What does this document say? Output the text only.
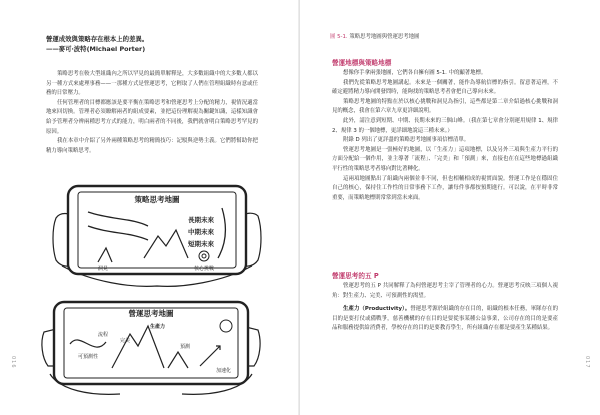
營運成效與策略存在根本上的差異。
——麥可‧波特(Michael Porter)

策略思考在較大型組織內之所以罕見的最簡單解釋是，大多數組織中的大多數人都以另一種方式來處理事務——一那種方式是營運思考，它輕取了人們在管理組織時有意或任務的日常壓力。

任何管理者的目標都應該是要平衡在策略思考和營運思考上分配的精力，視情況適當地來回切換。管理者必須瞭解兩者的組成要素，並把這份理解視為關鍵知識，這樣知識會給予管理者分辨兩種思考方式的能力，明白兩者的不同後，我們就會明白策略思考罕見的原因。

我在本章中介紹了另外兩種策略思考的精簡技巧：記駁與逆勢主義。它們將幫助你把精力導向策略思考。

策略思考地圖
長期未來
中期未來
短期未來
洞見	核心挑戰
營運思考地圖
生產力
流程
完美
預測
可預測性
加速化
016	017
圖 5-1. 策略思考地圖與營運思考地圖
營運地標與策略地標

想像你手拿兩張地圖，它們各自擁有圖 5-1. 中的顯著地標。

我們先從策略思考地圖講起。未來是一個關著，能作為導航信標的指引。留意著這裡，不確定避將精力導向開發問時，能夠找的策略思考者會把自己導向未來。

策略思考地圖的特點在於以核心挑戰和洞見為指引，這些都是第二章介紹過核心挑戰和洞見的概念，我會在第六章九章更詳細說明。

此外，請注意到短期、中期、長期未來的三個山峰。（我在第七章會分別運用規律 1、規律 2、規律 3 的一個地標，更詳細地說這三種未來。）

附錄 D 列出了更詳盡的策略思考地圖事項信標清單。

營運思考地圖是一張極好的地圖，以「生產力」這項地標，以及另外三項與生產力平行的方面分配給一個作用，並主導著「流程」、「完美」和「預測」來，直接也在在這些地標過組織平行性的策略思考者導向對比著轉化。

這兩項地圖點出了組織內兩個並非不同，但也相輔相成的視實面貌。營運工作是在穩固住自己的核心，保持住工作性的日常事務下工作，讓每件事都按預期進行。可以說，在平時非常重要，而策略地標則常常到當未來面。

營運思考的五 P

營運思考的五 P 共同解釋了為何營運思考主宰了管理者的心力。營運思考反映三項個人視角：對生產力、完美、可預測性的渴望。

生產力（Productivity）。營運思考源於組織的存在目的，組織的根本任務，軍隊存在的目的是要打仗或備戰爭，慈善機構的存在目的是要從事某種公益事業，公司存在的目的是要產品和服務提供給消費者，學校存在的目的是要教育學生，所有組織存在都是要產生某種結果。
